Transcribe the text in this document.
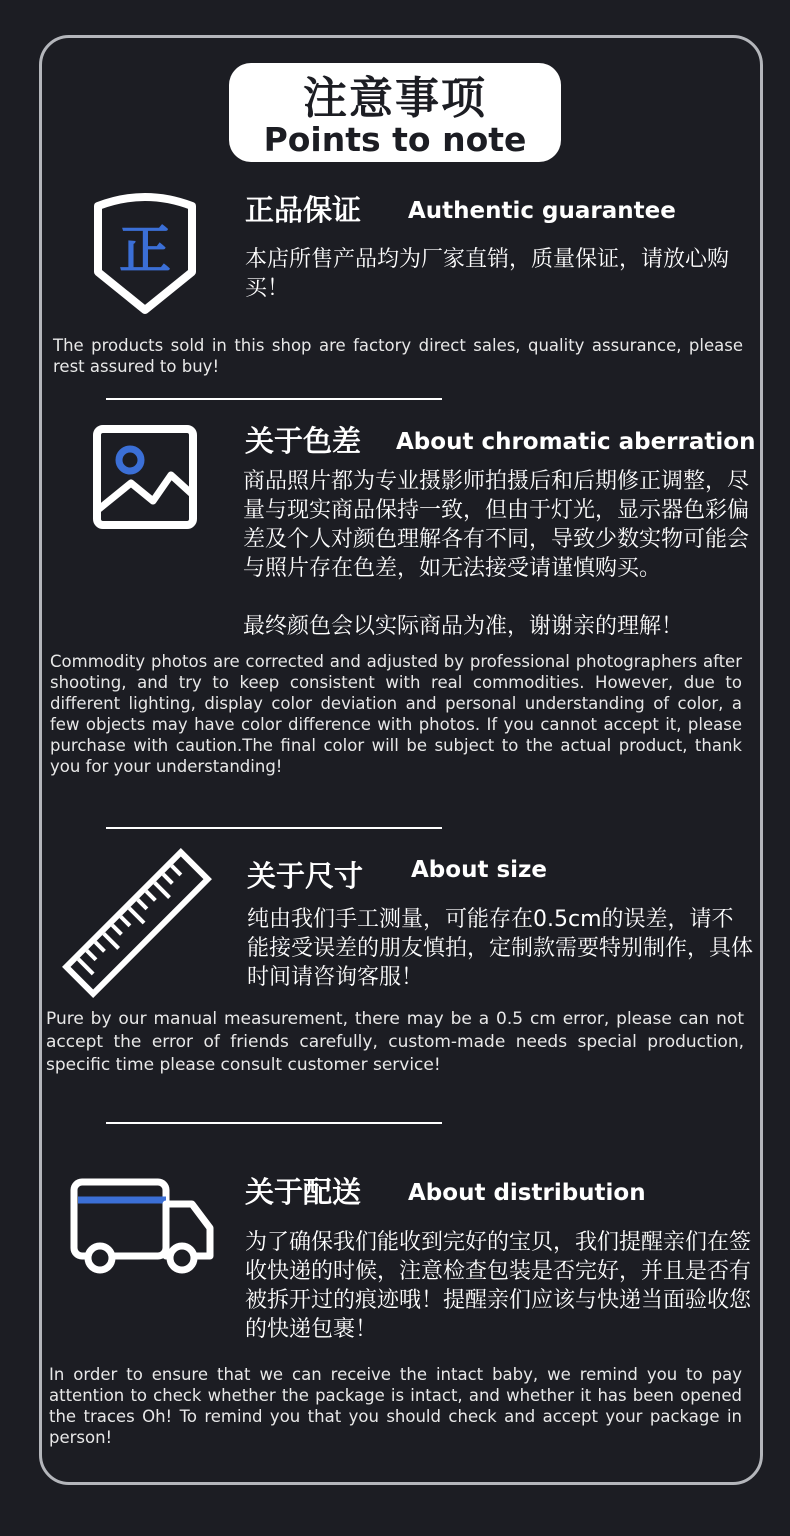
注意事项
Points to note
正
正品保证 Authentic guarantee
本店所售产品均为厂家直销，质量保证，请放心购买！
The products sold in this shop are factory direct sales, quality assurance, please rest assured to buy!
关于色差 About chromatic aberration
商品照片都为专业摄影师拍摄后和后期修正调整，尽量与现实商品保持一致，但由于灯光，显示器色彩偏差及个人对颜色理解各有不同，导致少数实物可能会与照片存在色差，如无法接受请谨慎购买。
最终颜色会以实际商品为准，谢谢亲的理解！
Commodity photos are corrected and adjusted by professional photographers after shooting, and try to keep consistent with real commodities. However, due to different lighting, display color deviation and personal understanding of color, a few objects may have color difference with photos. If you cannot accept it, please purchase with caution.The final color will be subject to the actual product, thank you for your understanding!
关于尺寸 About size
纯由我们手工测量，可能存在0.5cm的误差，请不能接受误差的朋友慎拍，定制款需要特别制作，具体时间请咨询客服！
Pure by our manual measurement, there may be a 0.5 cm error, please can not accept the error of friends carefully, custom-made needs special production, specific time please consult customer service!
关于配送 About distribution
为了确保我们能收到完好的宝贝，我们提醒亲们在签收快递的时候，注意检查包装是否完好，并且是否有被拆开过的痕迹哦！提醒亲们应该与快递当面验收您的快递包裹！
In order to ensure that we can receive the intact baby, we remind you to pay attention to check whether the package is intact, and whether it has been opened the traces Oh! To remind you that you should check and accept your package in person!
